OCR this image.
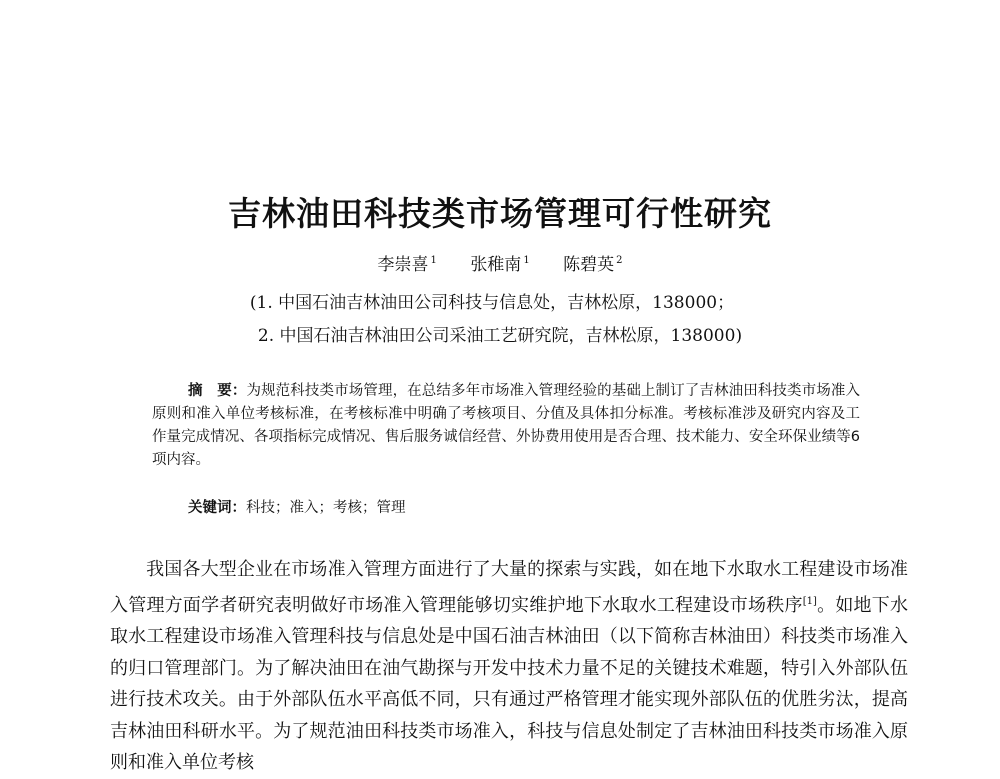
吉林油田科技类市场管理可行性研究
李崇喜 $^1$ 张稚南 $^1$ 陈碧英 $^2$
(1. 中国石油吉林油田公司科技与信息处，吉林松原，138000；
2. 中国石油吉林油田公司采油工艺研究院，吉林松原，138000)
摘　要：为规范科技类市场管理，在总结多年市场准入管理经验的基础上制订了吉林油田科技类市场准入原则和准入单位考核标准，在考核标准中明确了考核项目、分值及具体扣分标准。考核标准涉及研究内容及工作量完成情况、各项指标完成情况、售后服务诚信经营、外协费用使用是否合理、技术能力、安全环保业绩等6项内容。
关键词：科技；准入；考核；管理
我国各大型企业在市场准入管理方面进行了大量的探索与实践，如在地下水取水工程建设市场准入管理方面学者研究表明做好市场准入管理能够切实维护地下水取水工程建设市场秩序[1]。如地下水取水工程建设市场准入管理科技与信息处是中国石油吉林油田（以下简称吉林油田）科技类市场准入的归口管理部门。为了解决油田在油气勘探与开发中技术力量不足的关键技术难题，特引入外部队伍进行技术攻关。由于外部队伍水平高低不同，只有通过严格管理才能实现外部队伍的优胜劣汰，提高吉林油田科研水平。为了规范油田科技类市场准入，科技与信息处制定了吉林油田科技类市场准入原则和准入单位考核
